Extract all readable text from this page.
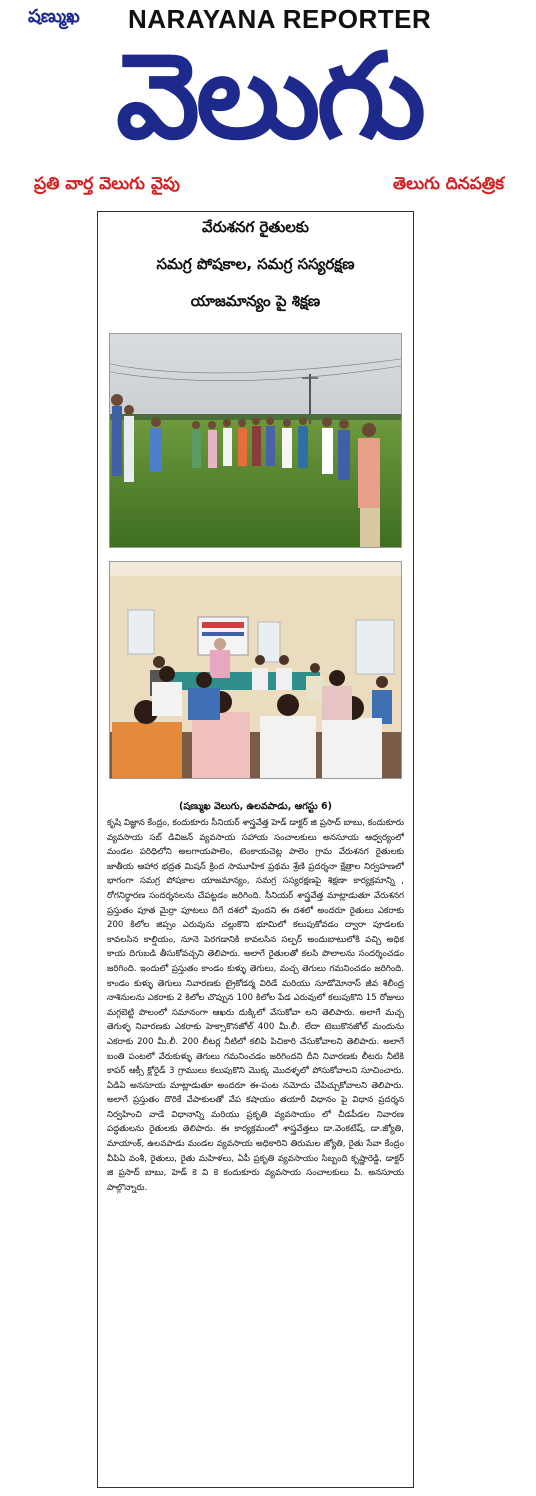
షణ్ముఖ NARAYANA REPORTER
వెలుగు
ప్రతి వార్త వెలుగు వైపు	తెలుగు దినపత్రిక
వేరుశనగ రైతులకు
సమగ్ర పోషకాల, సమగ్ర సస్యరక్షణ
యాజమాన్యం పై శిక్షణ
(షణ్ముఖ వెలుగు, ఉలవపాడు, ఆగస్టు 6)
కృషి విజ్ఞాన కేంద్రం, కందుకూరు సీనియర్ శాస్త్రవేత్త హెడ్ డాక్టర్ జి ప్రసాద్ బాబు, కందుకూరు వ్యవసాయ సబ్ డివిజన్ వ్యవసాయ సహాయ సంచాలకులు అనసూయ ఆధ్వర్యంలో మండల పరిధిలోని అలగాయపాలెం, టెంకాయచెట్ల పాలెం గ్రామ వేరుశనగ రైతులకు జాతీయ ఆహార భద్రత మిషన్ క్రింద సామూహిక ప్రథమ శ్రేణి ప్రదర్శనా క్షేత్రాల నిర్వహణలో భాగంగా సమగ్ర పోషకాల యాజమాన్యం, సమగ్ర సస్యరక్షణపై శిక్షణా కార్యక్రమాన్ని , రోగనిర్ధారణ సందర్శనలను చేపట్టడం జరిగింది. సీనియర్ శాస్త్రవేత్త మాట్లాడుతూ వేరుశనగ ప్రస్తుతం పూత మైర్రా పూటలు దిగే దశలో వుందని ఈ దశలో అందరూ రైతులు ఎకరాకు 200 కిలోల జిప్సం ఎరువును చల్లుకొని భూమిలో కలుపుకోవడం ద్వారా పూడలకు కావలసిన కాల్షియం, నూనె పెరగడానికి కావలసిన సల్ఫర్ అందుబాటులోకి వచ్చి అధిక కాయ దిగుబడి తీసుకోవచ్చని తెలిపారు. అలాగే రైతులతో కలసి పొలాలను సందర్శించడం జరిగింది. ఇందులో ప్రస్తుతం కాండం కుళ్ళు తెగులు, మచ్చ తెగులు గమనించడం జరిగింది. కాండం కుళ్ళు తెగులు నివారణకు ట్రైకోడర్మ విరిడే మరియు సూడోమోనాస్ జీవ శిలీంద్ర నాశినులను ఎకరాకు 2 కిలోల చొప్పున 100 కిలోల పేడ ఎరువులో కలుపుకొని 15 రోజులు మగ్గబెట్టి పొలంలో సమానంగా ఆఖరు దుక్కిలో వేసుకోవా లని తెలిపారు. అలాగే మచ్చ తెగుళ్ళ నివారణకు ఎకరాకు హెక్సాకొనజోల్ 400 మీ.లీ. లేదా టెబుకొనజోల్ మందును ఎకరాకు 200 మీ.లీ. 200 లీటర్ల నీటిలో కలిపి పిచికారి చేసుకోవాలని తెలిపారు. అలాగే బంతి పంటలో వేరుకుళ్ళు తెగులు గమనించడం జరిగిందని దీని నివారణకు లీటరు నీటికి కాపర్ ఆక్సీ క్లోరైడ్ 3 గ్రాములు కలుపుకొని మొక్క మొదళ్ళలో పోసుకోవాలని సూచించారు. ఏడిఏ అనసూయ మాట్లాడుతూ అందరూ ఈ-పంట నమోదు చేపిచ్చుకోవాలని తెలిపారు. అలాగే ప్రస్తుతం దొరికే వేపాకులతో వేప కషాయం తయారీ విధానం పై విధాన ప్రదర్శన నిర్వహించి వాడే విధానాన్ని మరియు ప్రకృతి వ్యవసాయం లో చీడపీడల నివారణ పద్ధతులను రైతులకు తెలిపారు. ఈ కార్యక్రమంలో శాస్త్రవేత్తలు డా.వెంకటేష్, డా.జ్యోతి, మాయాంక్, ఉలవపాడు మండల వ్యవసాయ అధికారిని తిరుమల జ్యోతి, రైతు సేవా కేంద్రం వీపిఏ వంశీ, రైతులు, రైతు మహిళలు, ఏపీ ప్రకృతి వ్యవసాయం సిబ్బంది కృష్ణారెడ్డి, డాక్టర్ జి ప్రసాద్ బాబు, హెడ్ కె వి కె కందుకూరు వ్యవసాయ సంచాలకులు పి. అనసూయ పాల్గొన్నారు.
